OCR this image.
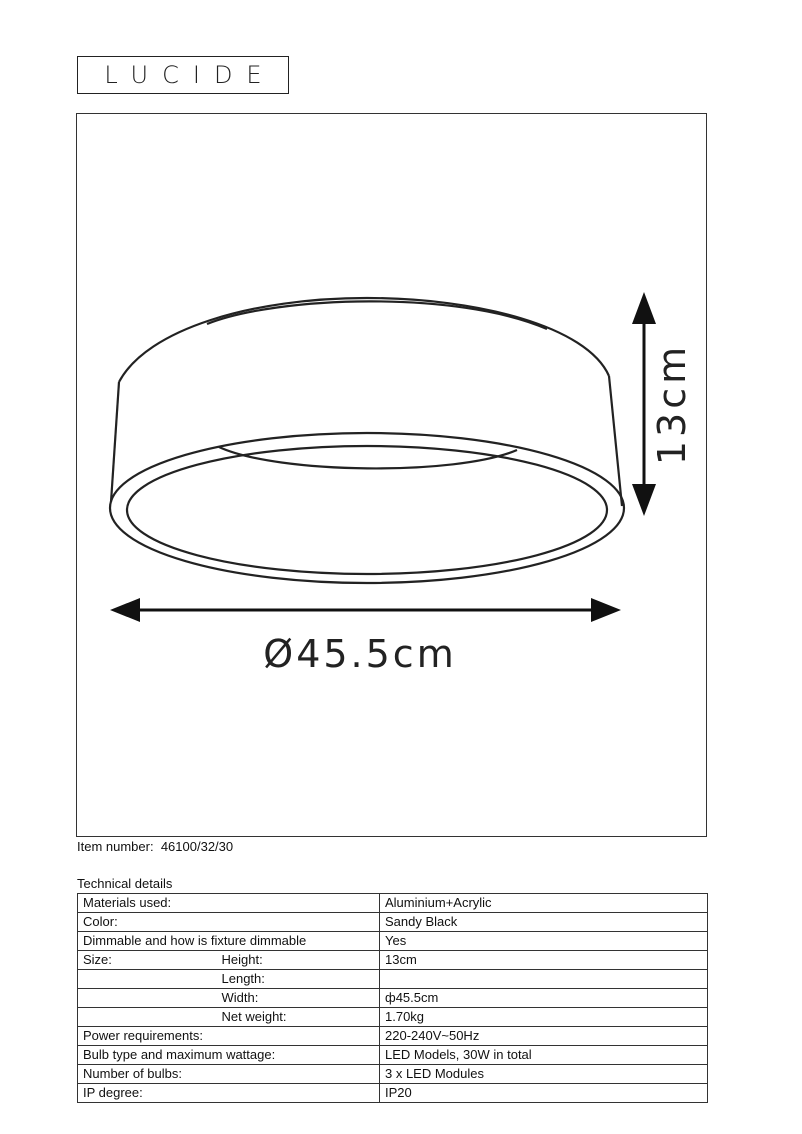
LUCIDE
13cm
Ø45.5cm
Item number: 46100/32/30
Technical details
Materials used:		Aluminium+Acrylic
Color:		Sandy Black
Dimmable and how is fixture dimmable		Yes
Size:	Height:	13cm
	Length:	
	Width:	ф45.5cm
	Net weight:	1.70kg
Power requirements:		220-240V~50Hz
Bulb type and maximum wattage:		LED Models, 30W in total
Number of bulbs:		3 x LED Modules
IP degree:		IP20
